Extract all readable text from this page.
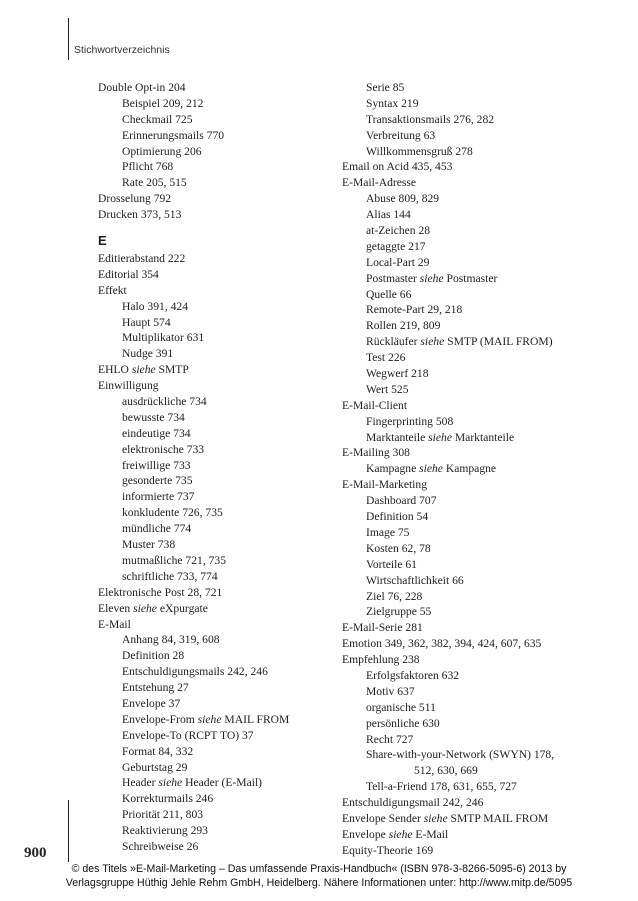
Stichwortverzeichnis
Double Opt-in 204
Beispiel 209, 212
Checkmail 725
Erinnerungsmails 770
Optimierung 206
Pflicht 768
Rate 205, 515
Drosselung 792
Drucken 373, 513
E
Editierabstand 222
Editorial 354
Effekt
Halo 391, 424
Haupt 574
Multiplikator 631
Nudge 391
EHLO siehe SMTP
Einwilligung
ausdrückliche 734
bewusste 734
eindeutige 734
elektronische 733
freiwillige 733
gesonderte 735
informierte 737
konkludente 726, 735
mündliche 774
Muster 738
mutmaßliche 721, 735
schriftliche 733, 774
Elektronische Post 28, 721
Eleven siehe eXpurgate
E-Mail
Anhang 84, 319, 608
Definition 28
Entschuldigungsmails 242, 246
Entstehung 27
Envelope 37
Envelope-From siehe MAIL FROM
Envelope-To (RCPT TO) 37
Format 84, 332
Geburtstag 29
Header siehe Header (E-Mail)
Korrekturmails 246
Priorität 211, 803
Reaktivierung 293
Schreibweise 26
Serie 85
Syntax 219
Transaktionsmails 276, 282
Verbreitung 63
Willkommensgruß 278
Email on Acid 435, 453
E-Mail-Adresse
Abuse 809, 829
Alias 144
at-Zeichen 28
getaggte 217
Local-Part 29
Postmaster siehe Postmaster
Quelle 66
Remote-Part 29, 218
Rollen 219, 809
Rückläufer siehe SMTP (MAIL FROM)
Test 226
Wegwerf 218
Wert 525
E-Mail-Client
Fingerprinting 508
Marktanteile siehe Marktanteile
E-Mailing 308
Kampagne siehe Kampagne
E-Mail-Marketing
Dashboard 707
Definition 54
Image 75
Kosten 62, 78
Vorteile 61
Wirtschaftlichkeit 66
Ziel 76, 228
Zielgruppe 55
E-Mail-Serie 281
Emotion 349, 362, 382, 394, 424, 607, 635
Empfehlung 238
Erfolgsfaktoren 632
Motiv 637
organische 511
persönliche 630
Recht 727
Share-with-your-Network (SWYN) 178,
512, 630, 669
Tell-a-Friend 178, 631, 655, 727
Entschuldigungsmail 242, 246
Envelope Sender siehe SMTP MAIL FROM
Envelope siehe E-Mail
Equity-Theorie 169
900
© des Titels »E-Mail-Marketing – Das umfassende Praxis-Handbuch« (ISBN 978-3-8266-5095-6) 2013 by
Verlagsgruppe Hüthig Jehle Rehm GmbH, Heidelberg. Nähere Informationen unter: http://www.mitp.de/5095
